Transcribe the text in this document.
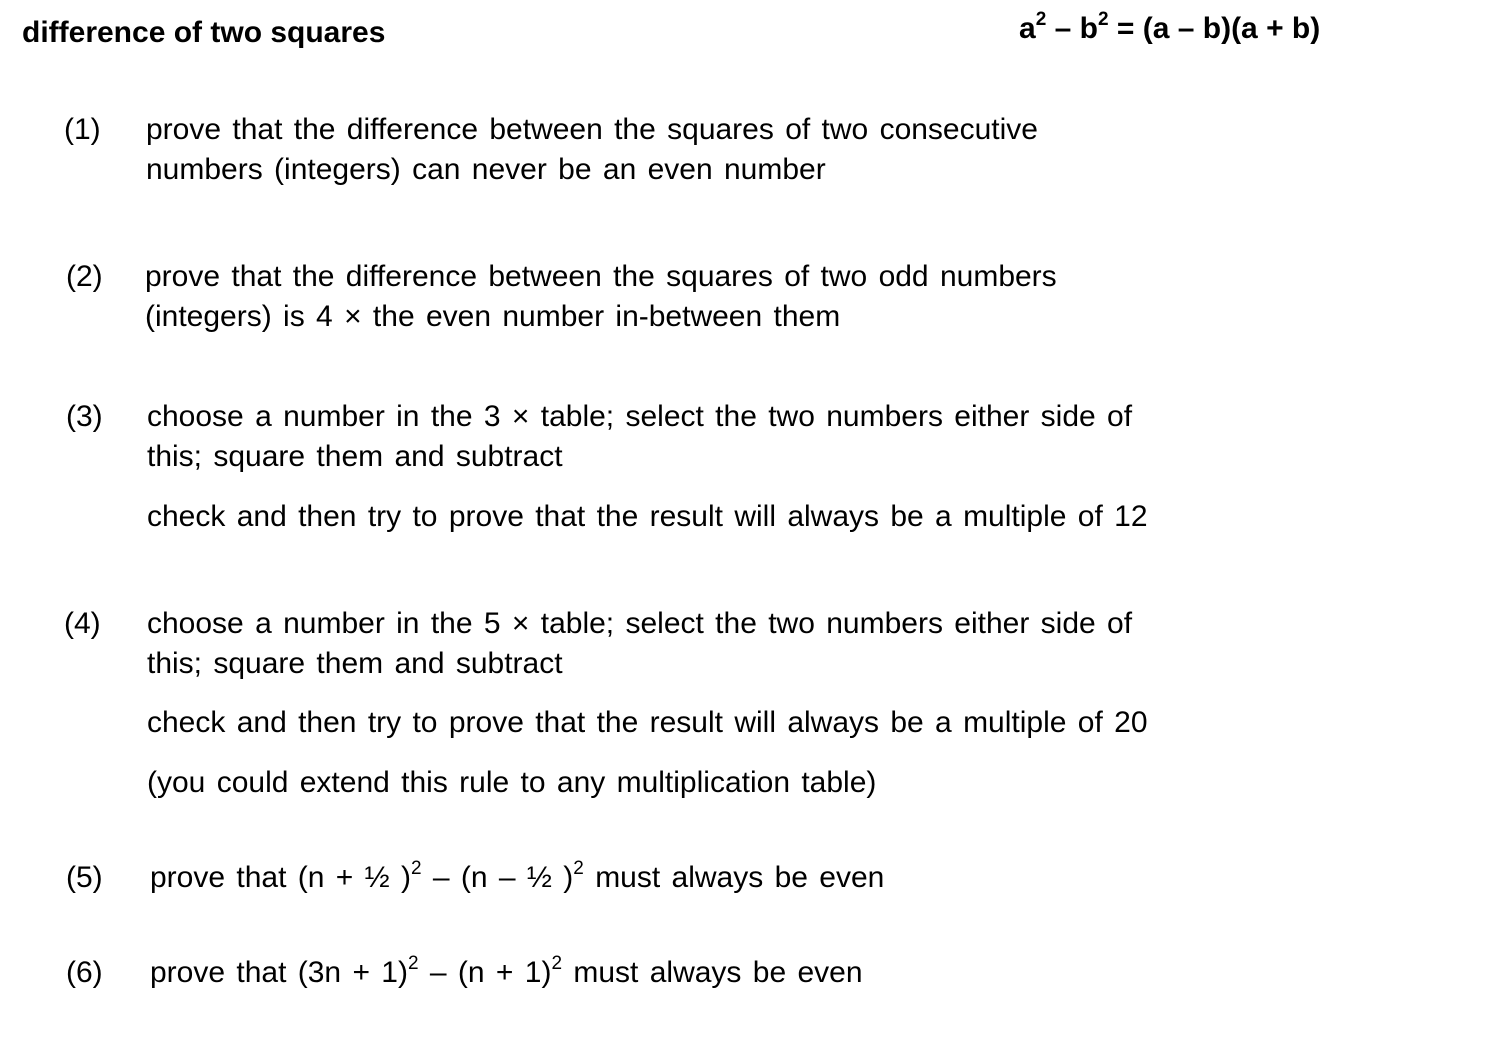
difference of two squares	$a^2 - b^2 = (a - b)(a + b)$
(1) prove that the difference between the squares of two consecutive
numbers (integers) can never be an even number
(2) prove that the difference between the squares of two odd numbers
(integers) is 4 × the even number in-between them
(3) choose a number in the 3 × table; select the two numbers either side of
this; square them and subtract
check and then try to prove that the result will always be a multiple of 12
(4) choose a number in the 5 × table; select the two numbers either side of
this; square them and subtract
check and then try to prove that the result will always be a multiple of 20
(you could extend this rule to any multiplication table)
(5) prove that (n + ½ )$^2$ – (n – ½ )$^2$ must always be even
(6) prove that $(3n + 1)^2 - (n + 1)^2$ must always be even
